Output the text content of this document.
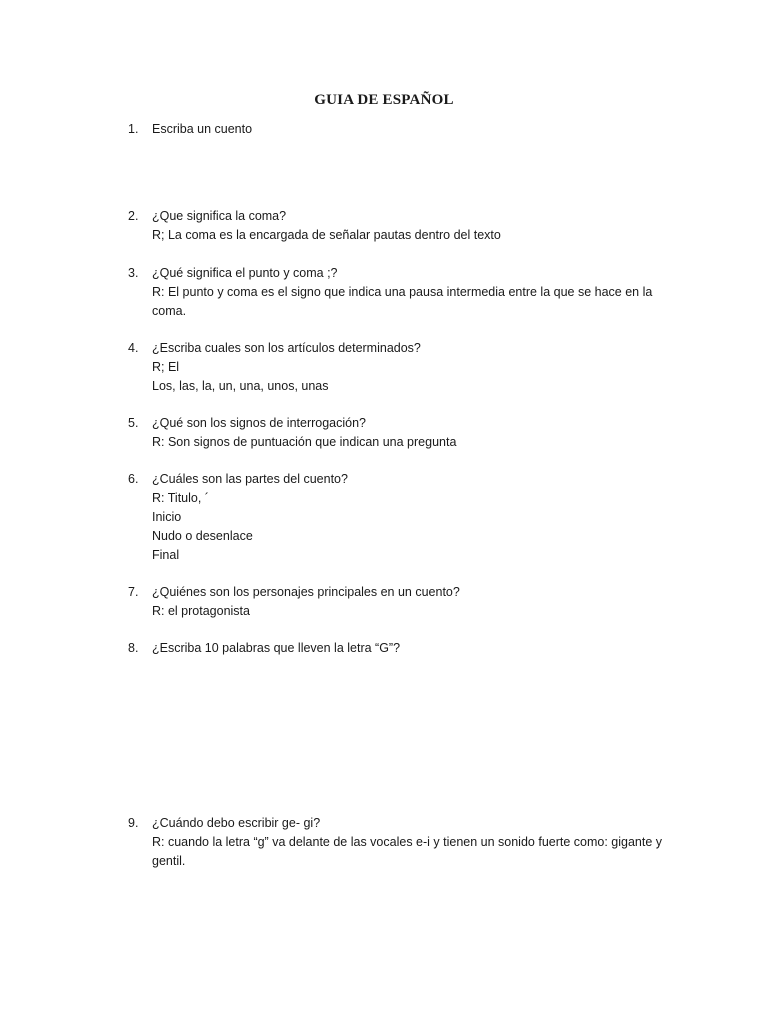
GUIA DE ESPAÑOL
1.	Escriba un cuento
2.	¿Que significa la coma?
R; La coma es la encargada de señalar pautas dentro del texto
3.	¿Qué significa el punto y coma ;?
R: El punto y coma es el signo que indica una pausa intermedia entre la que se hace en la coma.
4.	¿Escriba cuales son los artículos determinados?
R; El
Los, las, la, un, una, unos, unas
5.	¿Qué son los signos de interrogación?
R: Son signos de puntuación que indican una pregunta
6.	¿Cuáles son las partes del cuento?
R: Titulo, ´
Inicio
Nudo o desenlace
Final
7.	¿Quiénes son los personajes principales en un cuento?
R: el protagonista
8.	¿Escriba 10 palabras que lleven la letra “G”?
9.	¿Cuándo debo escribir ge- gi?
R: cuando la letra “g” va delante de las vocales e-i y tienen un sonido fuerte como: gigante y gentil.
